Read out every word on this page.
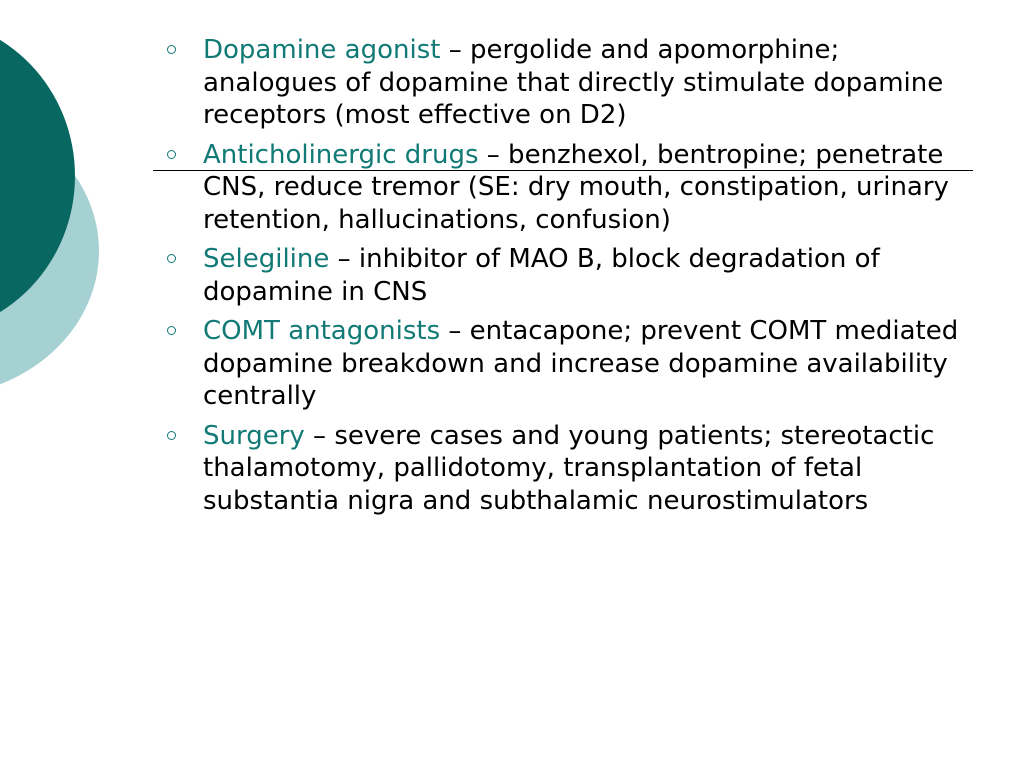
Dopamine agonist – pergolide and apomorphine; analogues of dopamine that directly stimulate dopamine receptors (most effective on D2)
Anticholinergic drugs – benzhexol, bentropine; penetrate CNS, reduce tremor (SE: dry mouth, constipation, urinary retention, hallucinations, confusion)
Selegiline – inhibitor of MAO B, block degradation of dopamine in CNS
COMT antagonists – entacapone; prevent COMT mediated dopamine breakdown and increase dopamine availability centrally
Surgery – severe cases and young patients; stereotactic thalamotomy, pallidotomy, transplantation of fetal substantia nigra and subthalamic neurostimulators
